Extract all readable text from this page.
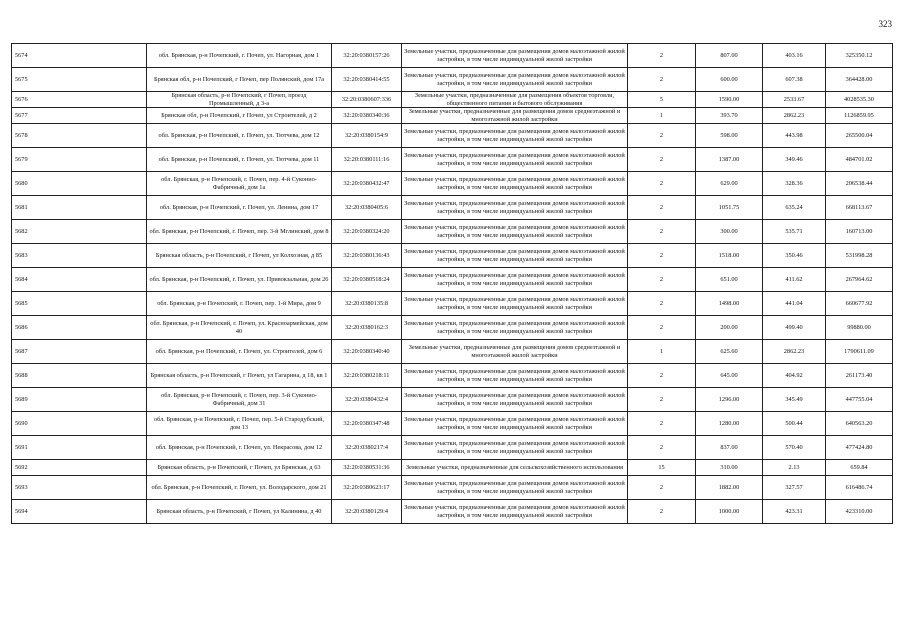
323
5674	обл. Брянская, р-н Почепский, г. Почеп, ул. Нагорная, дом 1	32:20:0380157:26	Земельные участки, предназначенные для размещения домов малоэтажной жилой застройки, в том числе индивидуальной жилой застройки	2	807.00	403.16	325350.12
5675	Брянская обл, р-н Почепский, г Почеп, пер Полянский, дом 17а	32:20:0380414:55	Земельные участки, предназначенные для размещения домов малоэтажной жилой застройки, в том числе индивидуальной жилой застройки	2	600.00	607.38	364428.00
5676	Брянская область, р-н Почепский, г Почеп, проезд Промышленный, д 3-а	32:20:0380607:336	Земельные участки, предназначенные для размещения объектов торговли, общественного питания и бытового обслуживания	5	1590.00	2533.67	4028535.30
5677	Брянская обл, р-н Почепский, г Почеп, ул Строителей, д 2	32:20:0380340:36	Земельные участки, предназначенные для размещения домов среднеэтажной и многоэтажной жилой застройки	1	393.70	2862.23	1126859.95
5678	обл. Брянская, р-н Почепский, г. Почеп, ул. Тютчева, дом 12	32:20:0380154:9	Земельные участки, предназначенные для размещения домов малоэтажной жилой застройки, в том числе индивидуальной жилой застройки	2	598.00	443.98	265500.04
5679	обл. Брянская, р-н Почепский, г. Почеп, ул. Тютчева, дом 11	32:20:0380111:16	Земельные участки, предназначенные для размещения домов малоэтажной жилой застройки, в том числе индивидуальной жилой застройки	2	1387.00	349.46	484701.02
5680	обл. Брянская, р-н Почепский, г. Почеп, пер. 4-й Суконно-Фабричный, дом 1а	32:20:0380432:47	Земельные участки, предназначенные для размещения домов малоэтажной жилой застройки, в том числе индивидуальной жилой застройки	2	629.00	328.36	206538.44
5681	обл. Брянская, р-н Почепский, г. Почеп, ул. Ленина, дом 17	32:20:0380405:6	Земельные участки, предназначенные для размещения домов малоэтажной жилой застройки, в том числе индивидуальной жилой застройки	2	1051.75	635.24	668113.67
5682	обл. Брянская, р-н Почепский, г. Почеп, пер. 3-й Мглинский, дом 8	32:20:0380324:20	Земельные участки, предназначенные для размещения домов малоэтажной жилой застройки, в том числе индивидуальной жилой застройки	2	300.00	535.71	160713.00
5683	Брянская область, р-н Почепский, г Почеп, ул Колхозная, д 85	32:20:0380136:43	Земельные участки, предназначенные для размещения домов малоэтажной жилой застройки, в том числе индивидуальной жилой застройки	2	1518.00	350.46	531998.28
5684	обл. Брянская, р-н Почепский, г. Почеп, ул. Привокзальная, дом 26	32:20:0380518:24	Земельные участки, предназначенные для размещения домов малоэтажной жилой застройки, в том числе индивидуальной жилой застройки	2	651.00	411.62	267964.62
5685	обл. Брянская, р-н Почепский, г. Почеп, пер. 1-й Мира, дом 9	32:20:0380135:8	Земельные участки, предназначенные для размещения домов малоэтажной жилой застройки, в том числе индивидуальной жилой застройки	2	1498.00	441.04	660677.92
5686	обл. Брянская, р-н Почепский, г. Почеп, ул. Красноармейская, дом 40	32:20:0380162:3	Земельные участки, предназначенные для размещения домов малоэтажной жилой застройки, в том числе индивидуальной жилой застройки	2	200.00	499.40	99880.00
5687	обл. Брянская, р-н Почепский, г. Почеп, ул. Строителей, дом 6	32:20:0380340:40	Земельные участки, предназначенные для размещения домов среднеэтажной и многоэтажной жилой застройки	1	625.60	2862.23	1790611.09
5688	Брянская область, р-н Почепский, г Почеп, ул Гагарина, д 18, кв 1	32:20:0380218:11	Земельные участки, предназначенные для размещения домов малоэтажной жилой застройки, в том числе индивидуальной жилой застройки	2	645.00	404.92	261173.40
5689	обл. Брянская, р-н Почепский, г. Почеп, пер. 3-й Суконно-Фабричный, дом 31	32:20:0380432:4	Земельные участки, предназначенные для размещения домов малоэтажной жилой застройки, в том числе индивидуальной жилой застройки	2	1296.00	345.49	447755.04
5690	обл. Брянская, р-н Почепский, г. Почеп, пер. 5-й Стародубский, дом 13	32:20:0380347:48	Земельные участки, предназначенные для размещения домов малоэтажной жилой застройки, в том числе индивидуальной жилой застройки	2	1280.00	500.44	640563.20
5691	обл. Брянская, р-н Почепский, г. Почеп, ул. Некрасова, дом 12	32:20:0380217:4	Земельные участки, предназначенные для размещения домов малоэтажной жилой застройки, в том числе индивидуальной жилой застройки	2	837.00	570.40	477424.80
5692	Брянская область, р-н Почепский, г Почеп, ул Брянская, д 63	32:20:0380531:36	Земельные участки, предназначенные для сельскохозяйственного использования	15	310.00	2.13	659.84
5693	обл. Брянская, р-н Почепский, г. Почеп, ул. Володарского, дом 21	32:20:0380623:17	Земельные участки, предназначенные для размещения домов малоэтажной жилой застройки, в том числе индивидуальной жилой застройки	2	1882.00	327.57	616486.74
5694	Брянская область, р-н Почепский, г Почеп, ул Калинина, д 40	32:20:0380129:4	Земельные участки, предназначенные для размещения домов малоэтажной жилой застройки, в том числе индивидуальной жилой застройки	2	1000.00	423.31	423310.00
